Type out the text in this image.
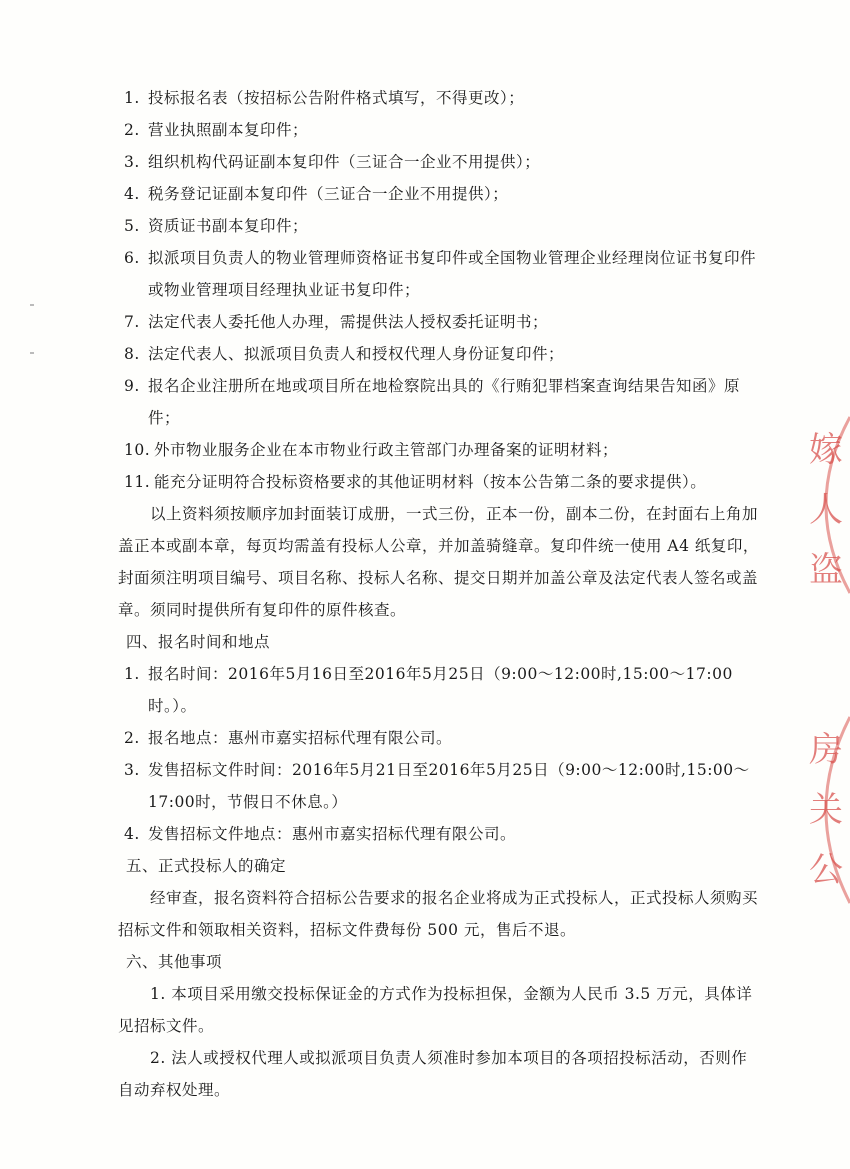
1. 投标报名表（按招标公告附件格式填写，不得更改）；
2. 营业执照副本复印件；
3. 组织机构代码证副本复印件（三证合一企业不用提供）；
4. 税务登记证副本复印件（三证合一企业不用提供）；
5. 资质证书副本复印件；
6. 拟派项目负责人的物业管理师资格证书复印件或全国物业管理企业经理岗位证书复印件或物业管理项目经理执业证书复印件；
7. 法定代表人委托他人办理，需提供法人授权委托证明书；
8. 法定代表人、拟派项目负责人和授权代理人身份证复印件；
9. 报名企业注册所在地或项目所在地检察院出具的《行贿犯罪档案查询结果告知函》原件；
10. 外市物业服务企业在本市物业行政主管部门办理备案的证明材料；
11. 能充分证明符合投标资格要求的其他证明材料（按本公告第二条的要求提供）。

以上资料须按顺序加封面装订成册，一式三份，正本一份，副本二份，在封面右上角加盖正本或副本章，每页均需盖有投标人公章，并加盖骑缝章。复印件统一使用 A4 纸复印，封面须注明项目编号、项目名称、投标人名称、提交日期并加盖公章及法定代表人签名或盖章。须同时提供所有复印件的原件核查。

四、报名时间和地点

1. 报名时间：2016年5月16日至2016年5月25日（9:00～12:00时,15:00～17:00时。）。
2. 报名地点：惠州市嘉实招标代理有限公司。
3. 发售招标文件时间：2016年5月21日至2016年5月25日（9:00～12:00时,15:00～17:00时，节假日不休息。）
4. 发售招标文件地点：惠州市嘉实招标代理有限公司。

五、正式投标人的确定

经审查，报名资料符合招标公告要求的报名企业将成为正式投标人，正式投标人须购买招标文件和领取相关资料，招标文件费每份 500 元，售后不退。

六、其他事项

1. 本项目采用缴交投标保证金的方式作为投标担保，金额为人民币 3.5 万元，具体详见招标文件。

2. 法人或授权代理人或拟派项目负责人须准时参加本项目的各项招投标活动，否则作自动弃权处理。

嫁
人
盗
房
关
公
